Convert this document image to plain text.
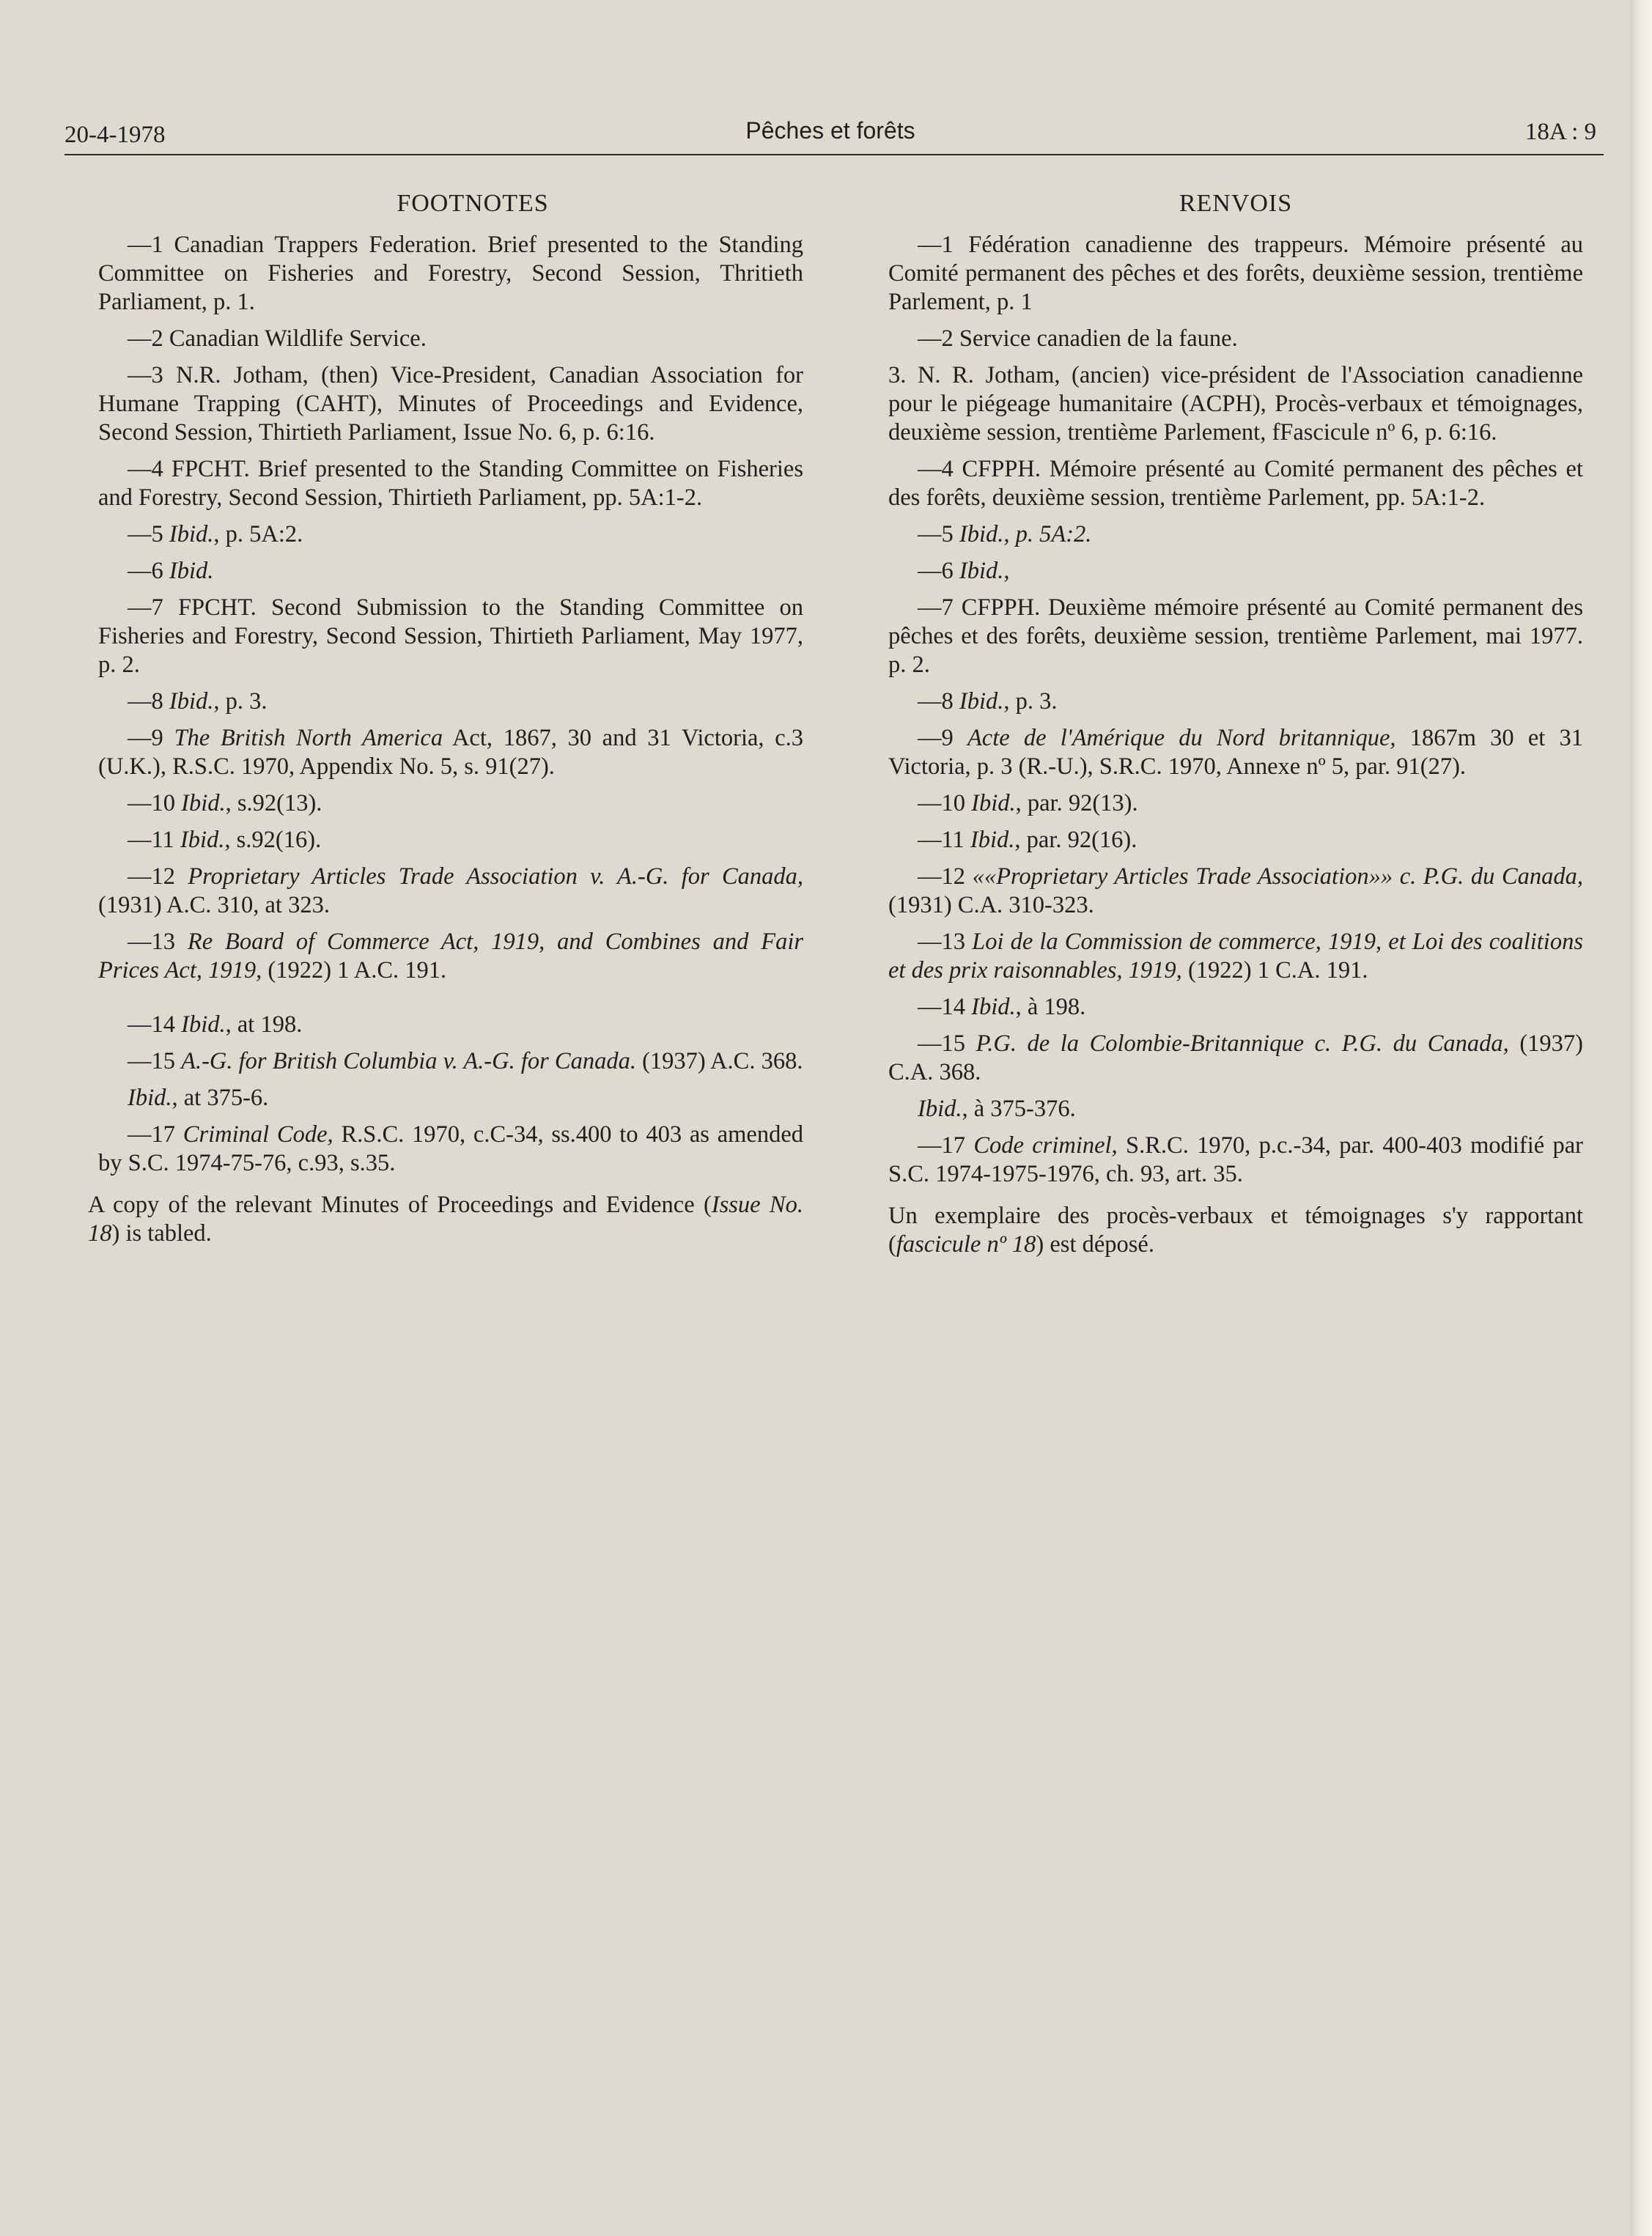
20-4-1978	Pêches et forêts	18A : 9
FOOTNOTES

—1 Canadian Trappers Federation. Brief presented to the Standing Committee on Fisheries and Forestry, Second Session, Thritieth Parliament, p. 1.

—2 Canadian Wildlife Service.

—3 N.R. Jotham, (then) Vice-President, Canadian Association for Humane Trapping (CAHT), Minutes of Proceedings and Evidence, Second Session, Thirtieth Parliament, Issue No. 6, p. 6:16.

—4 FPCHT. Brief presented to the Standing Committee on Fisheries and Forestry, Second Session, Thirtieth Parliament, pp. 5A:1-2.

—5 Ibid., p. 5A:2.

—6 Ibid.

—7 FPCHT. Second Submission to the Standing Committee on Fisheries and Forestry, Second Session, Thirtieth Parliament, May 1977, p. 2.

—8 Ibid., p. 3.

—9 The British North America Act, 1867, 30 and 31 Victoria, c.3 (U.K.), R.S.C. 1970, Appendix No. 5, s. 91(27).

—10 Ibid., s.92(13).

—11 Ibid., s.92(16).

—12 Proprietary Articles Trade Association v. A.-G. for Canada, (1931) A.C. 310, at 323.

—13 Re Board of Commerce Act, 1919, and Combines and Fair Prices Act, 1919, (1922) 1 A.C. 191.

—14 Ibid., at 198.

—15 A.-G. for British Columbia v. A.-G. for Canada. (1937) A.C. 368.

Ibid., at 375-6.

—17 Criminal Code, R.S.C. 1970, c.C-34, ss.400 to 403 as amended by S.C. 1974-75-76, c.93, s.35.

A copy of the relevant Minutes of Proceedings and Evidence (Issue No. 18) is tabled.

RENVOIS

—1 Fédération canadienne des trappeurs. Mémoire présenté au Comité permanent des pêches et des forêts, deuxième session, trentième Parlement, p. 1

—2 Service canadien de la faune.

3. N. R. Jotham, (ancien) vice-président de l'Association canadienne pour le piégeage humanitaire (ACPH), Procès-verbaux et témoignages, deuxième session, trentième Parlement, fFascicule nº 6, p. 6:16.

—4 CFPPH. Mémoire présenté au Comité permanent des pêches et des forêts, deuxième session, trentième Parlement, pp. 5A:1-2.

—5 Ibid., p. 5A:2.

—6 Ibid.,

—7 CFPPH. Deuxième mémoire présenté au Comité permanent des pêches et des forêts, deuxième session, trentième Parlement, mai 1977. p. 2.

—8 Ibid., p. 3.

—9 Acte de l'Amérique du Nord britannique, 1867m 30 et 31 Victoria, p. 3 (R.-U.), S.R.C. 1970, Annexe nº 5, par. 91(27).

—10 Ibid., par. 92(13).

—11 Ibid., par. 92(16).

—12 ««Proprietary Articles Trade Association»» c. P.G. du Canada, (1931) C.A. 310-323.

—13 Loi de la Commission de commerce, 1919, et Loi des coalitions et des prix raisonnables, 1919, (1922) 1 C.A. 191.

—14 Ibid., à 198.

—15 P.G. de la Colombie-Britannique c. P.G. du Canada, (1937) C.A. 368.

Ibid., à 375-376.

—17 Code criminel, S.R.C. 1970, p.c.-34, par. 400-403 modifié par S.C. 1974-1975-1976, ch. 93, art. 35.

Un exemplaire des procès-verbaux et témoignages s'y rapportant (fascicule nº 18) est déposé.
